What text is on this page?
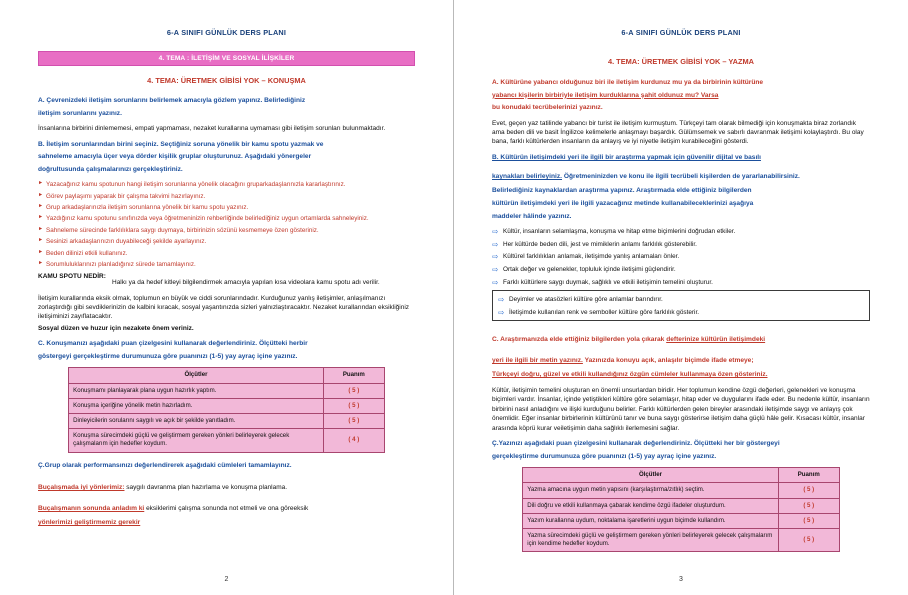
6-A SINIFI GÜNLÜK DERS PLANI
4. TEMA : İLETİŞİM VE SOSYAL İLİŞKİLER
4. TEMA: ÜRETMEK GİBİSİ YOK – KONUŞMA

A. Çevrenizdeki iletişim sorunlarını belirlemek amacıyla gözlem yapınız. Belirlediğiniz

iletişim sorunlarını yazınız.

İnsanlarına birbirini dinlememesi, empati yapmaması, nezaket kurallarına uymaması gibi iletişim sorunları bulunmaktadır.

B. İletişim sorunlarından birini seçiniz. Seçtiğiniz soruna yönelik bir kamu spotu yazmak ve

sahneleme amacıyla üçer veya dörder kişilik gruplar oluşturunuz. Aşağıdaki yönergeler

doğrultusunda çalışmalarınızı gerçekleştiriniz.

► Yazacağınız kamu spotunun hangi iletişim sorunlarına yönelik olacağını gruparkadaşlarınızla kararlaştırınız.
► Görev paylaşımı yaparak bir çalışma takvimi hazırlayınız.
► Grup arkadaşlarınızla iletişim sorunlarına yönelik bir kamu spotu yazınız.
► Yazdığınız kamu spotunu sınıfınızda veya öğretmeninizin rehberliğinde belirlediğiniz uygun ortamlarda sahneleyiniz.
► Sahneleme sürecinde farklılıklara saygı duymaya, birbirinizin sözünü kesmemeye özen gösteriniz.
► Sesinizi arkadaşlarınızın duyabileceği şekilde ayarlayınız.
► Beden dilinizi etkili kullanınız.
► Sorumluluklarınızı planladığınız sürede tamamlayınız.

KAMU SPOTU NEDİR:

Halkı ya da hedef kitleyi bilgilendirmek amacıyla yapılan kısa videolara kamu spotu adı verilir.

İletişim kurallarında eksik olmak, toplumun en büyük ve ciddi sorunlarındadır. Kurduğunuz yanlış iletişimler, anlaşılmanızı zorlaştırdığı gibi sevdiklerinizin de kalbini kıracak, sosyal yaşantınızda sizleri yalnızlaştıracaktır. Nezaket kurallarından eksikliğiniz iletişiminizi zayıflatacaktır.

Sosyal düzen ve huzur için nezakete önem veriniz.

C. Konuşmanızı aşağıdaki puan çizelgesini kullanarak değerlendiriniz. Ölçütteki herbir

göstergeyi gerçekleştirme durumunuza göre puanınızı (1-5) yay ayraç içine yazınız.

Ölçütler	Puanım
Konuşmamı planlayarak plana uygun hazırlık yaptım.	( 5 )
Konuşma içeriğine yönelik metin hazırladım.	( 5 )
Dinleyicilerin sorularını saygılı ve açık bir şekilde yanıtladım.	( 5 )
Konuşma sürecimdeki güçlü ve geliştirmem gereken yönleri belirleyerek gelecek çalışmalarım için hedefler koydum.	( 4 )

Ç.Grup olarak performansınızı değerlendirerek aşağıdaki cümleleri tamamlayınız.

Buçalışmada iyi yönlerimiz: saygılı davranma plan hazırlama ve konuşma planlama.

Buçalışmanın sonunda anladım ki eksiklerimi çalışma sonunda not etmeli ve ona göreeksik

yönlerimizi geliştirmemiz gerekir

2
6-A SINIFI GÜNLÜK DERS PLANI
4. TEMA: ÜRETMEK GİBİSİ YOK – YAZMA

A. Kültürüne yabancı olduğunuz biri ile iletişim kurdunuz mu ya da birbirinin kültürüne

yabancı kişilerin birbiriyle iletişim kurduklarına şahit oldunuz mu? Varsa

bu konudaki tecrübelerinizi yazınız.

Evet, geçen yaz tatilinde yabancı bir turist ile iletişim kurmuştum. Türkçeyi tam olarak bilmediği için konuşmakta biraz zorlandık ama beden dili ve basit İngilizce kelimelerle anlaşmayı başardık. Gülümsemek ve sabırlı davranmak iletişimi kolaylaştırdı. Bu olay bana, farklı kültürlerden insanların da anlayış ve iyi niyetle iletişim kurabileceğini gösterdi.

B. Kültürün iletişimdeki yeri ile ilgili bir araştırma yapmak için güvenilir dijital ve basılı

kaynakları belirleyiniz. Öğretmeninizden ve konu ile ilgili tecrübeli kişilerden de yararlanabilirsiniz.

Belirlediğiniz kaynaklardan araştırma yapınız. Araştırmada elde ettiğiniz bilgilerden

kültürün iletişimdeki yeri ile ilgili yazacağınız metinde kullanabileceklerinizi aşağıya

maddeler hâlinde yazınız.

⇨ Kültür, insanların selamlaşma, konuşma ve hitap etme biçimlerini doğrudan etkiler.
⇨ Her kültürde beden dili, jest ve mimiklerin anlamı farklılık gösterebilir.
⇨ Kültürel farklılıkları anlamak, iletişimde yanlış anlamaları önler.
⇨ Ortak değer ve gelenekler, topluluk içinde iletişimi güçlendirir.
⇨ Farklı kültürlere saygı duymak, sağlıklı ve etkili iletişimin temelini oluşturur.
⇨ Deyimler ve atasözleri kültüre göre anlamlar barındırır.
⇨ İletişimde kullanılan renk ve semboller kültüre göre farklılık gösterir.

C. Araştırmanızda elde ettiğiniz bilgilerden yola çıkarak defterinize kültürün iletişimdeki

yeri ile ilgili bir metin yazınız. Yazınızda konuyu açık, anlaşılır biçimde ifade etmeye;

Türkçeyi doğru, güzel ve etkili kullandığınız özgün cümleler kullanmaya özen gösteriniz.

Kültür, iletişimin temelini oluşturan en önemli unsurlardan biridir. Her toplumun kendine özgü değerleri, gelenekleri ve konuşma biçimleri vardır. İnsanlar, içinde yetiştikleri kültüre göre selamlaşır, hitap eder ve duygularını ifade eder. Bu nedenle kültür, insanların birbirini nasıl anladığını ve ilişki kurduğunu belirler. Farklı kültürlerden gelen bireyler arasındaki iletişimde saygı ve anlayış çok önemlidir. Eğer insanlar birbirlerinin kültürünü tanır ve buna saygı gösterirse iletişim daha güçlü hâle gelir. Kısacası kültür, insanlar arasında köprü kurar veiletişimin daha sağlıklı ilerlemesini sağlar.

Ç.Yazınızı aşağıdaki puan çizelgesini kullanarak değerlendiriniz. Ölçütteki her bir göstergeyi

gerçekleştirme durumunuza göre puanınızı (1-5) yay ayraç içine yazınız.

Ölçütler	Puanım
Yazma amacına uygun metin yapısını (karşılaştırma/zıtlık) seçtim.	( 5 )
Dili doğru ve etkili kullanmaya çabarak kendime özgü ifadeler oluşturdum.	( 5 )
Yazım kurallarına uydum, noktalama işaretlerini uygun biçimde kullandım.	( 5 )
Yazma sürecimdeki güçlü ve geliştirmem gereken yönleri belirleyerek gelecek çalışmalarım için kendime hedefler koydum.	( 5 )
3
